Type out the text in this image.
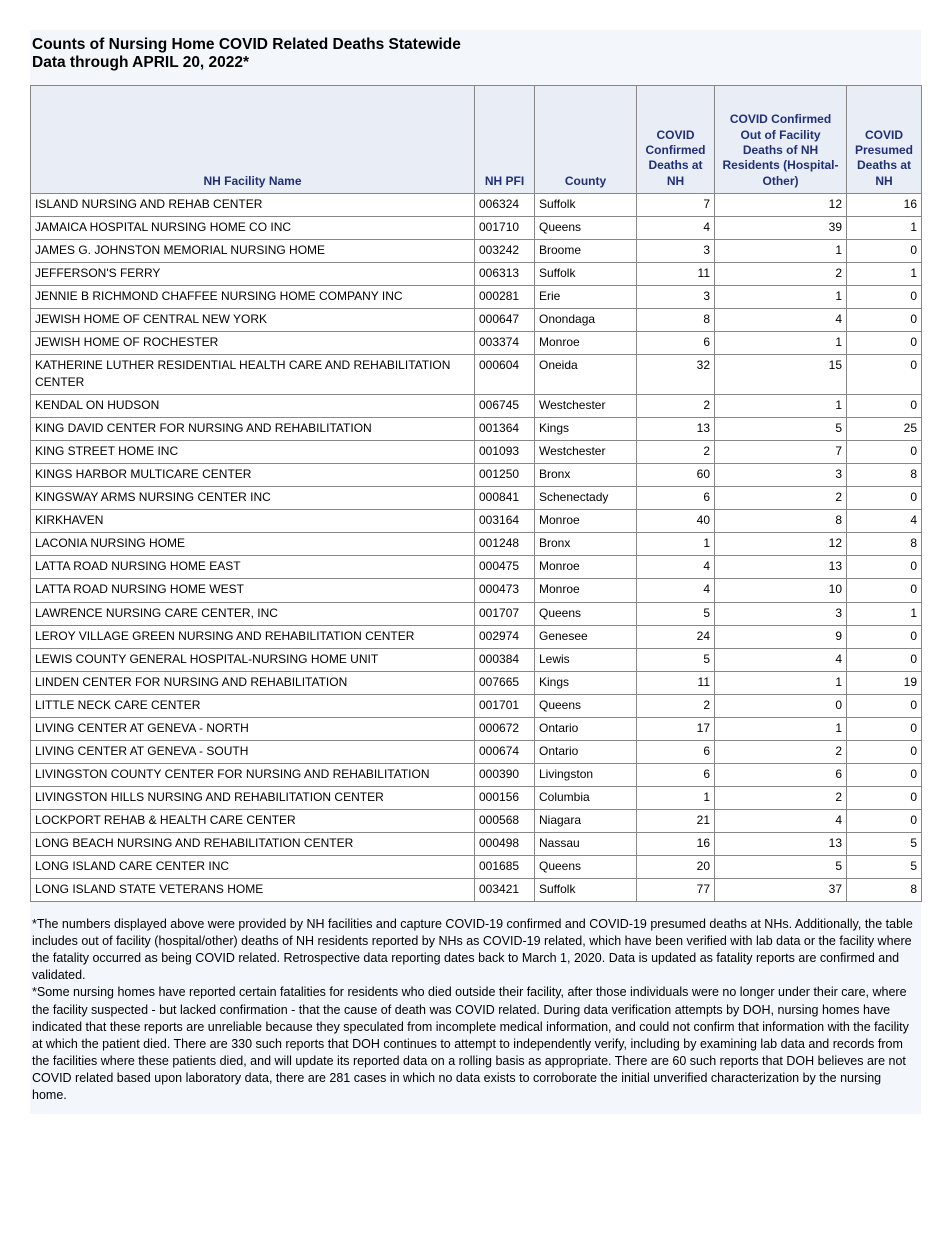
Counts of Nursing Home COVID Related Deaths Statewide
Data through APRIL 20, 2022*
NH Facility Name	NH PFI	County	COVID Confirmed Deaths at NH	COVID Confirmed Out of Facility Deaths of NH Residents (Hospital-Other)	COVID Presumed Deaths at NH
ISLAND NURSING AND REHAB CENTER	006324	Suffolk	7	12	16
JAMAICA HOSPITAL NURSING HOME CO INC	001710	Queens	4	39	1
JAMES G. JOHNSTON MEMORIAL NURSING HOME	003242	Broome	3	1	0
JEFFERSON'S FERRY	006313	Suffolk	11	2	1
JENNIE B RICHMOND CHAFFEE NURSING HOME COMPANY INC	000281	Erie	3	1	0
JEWISH HOME OF CENTRAL NEW YORK	000647	Onondaga	8	4	0
JEWISH HOME OF ROCHESTER	003374	Monroe	6	1	0
KATHERINE LUTHER RESIDENTIAL HEALTH CARE AND REHABILITATION CENTER	000604	Oneida	32	15	0
KENDAL ON HUDSON	006745	Westchester	2	1	0
KING DAVID CENTER FOR NURSING AND REHABILITATION	001364	Kings	13	5	25
KING STREET HOME INC	001093	Westchester	2	7	0
KINGS HARBOR MULTICARE CENTER	001250	Bronx	60	3	8
KINGSWAY ARMS NURSING CENTER INC	000841	Schenectady	6	2	0
KIRKHAVEN	003164	Monroe	40	8	4
LACONIA NURSING HOME	001248	Bronx	1	12	8
LATTA ROAD NURSING HOME EAST	000475	Monroe	4	13	0
LATTA ROAD NURSING HOME WEST	000473	Monroe	4	10	0
LAWRENCE NURSING CARE CENTER, INC	001707	Queens	5	3	1
LEROY VILLAGE GREEN NURSING AND REHABILITATION CENTER	002974	Genesee	24	9	0
LEWIS COUNTY GENERAL HOSPITAL-NURSING HOME UNIT	000384	Lewis	5	4	0
LINDEN CENTER FOR NURSING AND REHABILITATION	007665	Kings	11	1	19
LITTLE NECK CARE CENTER	001701	Queens	2	0	0
LIVING CENTER AT GENEVA - NORTH	000672	Ontario	17	1	0
LIVING CENTER AT GENEVA - SOUTH	000674	Ontario	6	2	0
LIVINGSTON COUNTY CENTER FOR NURSING AND REHABILITATION	000390	Livingston	6	6	0
LIVINGSTON HILLS NURSING AND REHABILITATION CENTER	000156	Columbia	1	2	0
LOCKPORT REHAB & HEALTH CARE CENTER	000568	Niagara	21	4	0
LONG BEACH NURSING AND REHABILITATION CENTER	000498	Nassau	16	13	5
LONG ISLAND CARE CENTER INC	001685	Queens	20	5	5
LONG ISLAND STATE VETERANS HOME	003421	Suffolk	77	37	8

*The numbers displayed above were provided by NH facilities and capture COVID-19 confirmed and COVID-19 presumed deaths at NHs. Additionally, the table includes out of facility (hospital/other) deaths of NH residents reported by NHs as COVID-19 related, which have been verified with lab data or the facility where the fatality occurred as being COVID related. Retrospective data reporting dates back to March 1, 2020. Data is updated as fatality reports are confirmed and validated.

*Some nursing homes have reported certain fatalities for residents who died outside their facility, after those individuals were no longer under their care, where the facility suspected - but lacked confirmation - that the cause of death was COVID related. During data verification attempts by DOH, nursing homes have indicated that these reports are unreliable because they speculated from incomplete medical information, and could not confirm that information with the facility at which the patient died. There are 330 such reports that DOH continues to attempt to independently verify, including by examining lab data and records from the facilities where these patients died, and will update its reported data on a rolling basis as appropriate. There are 60 such reports that DOH believes are not COVID related based upon laboratory data, there are 281 cases in which no data exists to corroborate the initial unverified characterization by the nursing home.
